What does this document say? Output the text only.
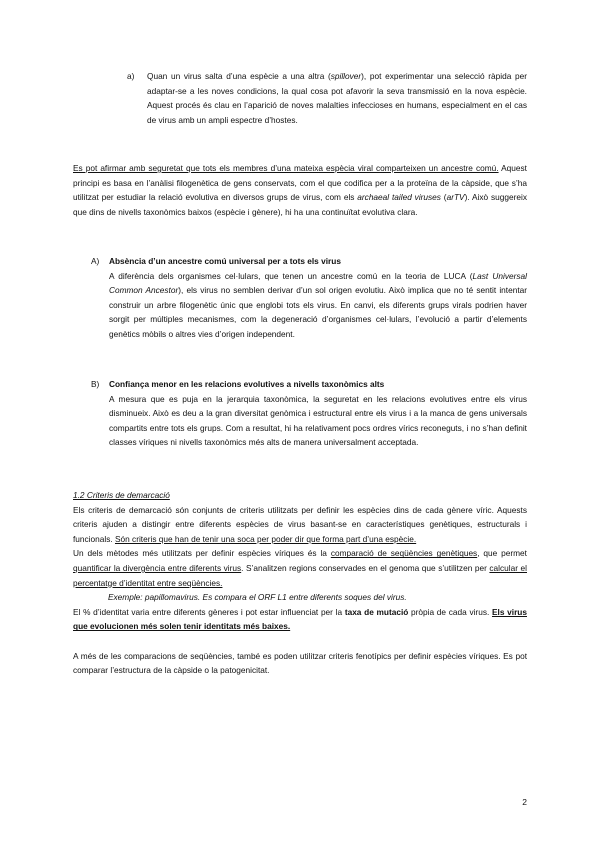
a) Quan un virus salta d’una espècie a una altra (spillover), pot experimentar una selecció ràpida per adaptar-se a les noves condicions, la qual cosa pot afavorir la seva transmissió en la nova espècie. Aquest procés és clau en l’aparició de noves malalties infeccioses en humans, especialment en el cas de virus amb un ampli espectre d’hostes.

Es pot afirmar amb seguretat que tots els membres d’una mateixa espècia viral comparteixen un ancestre comú. Aquest principi es basa en l’anàlisi filogenètica de gens conservats, com el que codifica per a la proteïna de la càpside, que s’ha utilitzat per estudiar la relació evolutiva en diversos grups de virus, com els archaeal tailed viruses (arTV). Això suggereix que dins de nivells taxonòmics baixos (espècie i gènere), hi ha una continuïtat evolutiva clara.

A) Absència d’un ancestre comú universal per a tots els virus

A diferència dels organismes cel·lulars, que tenen un ancestre comú en la teoria de LUCA (Last Universal Common Ancestor), els virus no semblen derivar d’un sol origen evolutiu. Això implica que no té sentit intentar construir un arbre filogenètic únic que englobi tots els virus. En canvi, els diferents grups virals podrien haver sorgit per múltiples mecanismes, com la degeneració d’organismes cel·lulars, l’evolució a partir d’elements genètics mòbils o altres vies d’origen independent.

B) Confiança menor en les relacions evolutives a nivells taxonòmics alts

A mesura que es puja en la jerarquia taxonòmica, la seguretat en les relacions evolutives entre els virus disminueix. Això es deu a la gran diversitat genòmica i estructural entre els virus i a la manca de gens universals compartits entre tots els grups. Com a resultat, hi ha relativament pocs ordres vírics reconeguts, i no s’han definit classes víriques ni nivells taxonòmics més alts de manera universalment acceptada.

1.2 Criteris de demarcació

Els criteris de demarcació són conjunts de criteris utilitzats per definir les espècies dins de cada gènere víric. Aquests criteris ajuden a distingir entre diferents espècies de virus basant-se en característiques genètiques, estructurals i funcionals. Són criteris que han de tenir una soca per poder dir que forma part d’una espècie.

Un dels mètodes més utilitzats per definir espècies víriques és la comparació de seqüències genètiques, que permet quantificar la divergència entre diferents virus. S’analitzen regions conservades en el genoma que s’utilitzen per calcular el percentatge d’identitat entre seqüències.

Exemple: papillomavirus. Es compara el ORF L1 entre diferents soques del virus.

El % d’identitat varia entre diferents gèneres i pot estar influenciat per la taxa de mutació pròpia de cada virus. Els virus que evolucionen més solen tenir identitats més baixes.

A més de les comparacions de seqüències, també es poden utilitzar criteris fenotípics per definir espècies víriques. Es pot comparar l’estructura de la càpside o la patogenicitat.

2
